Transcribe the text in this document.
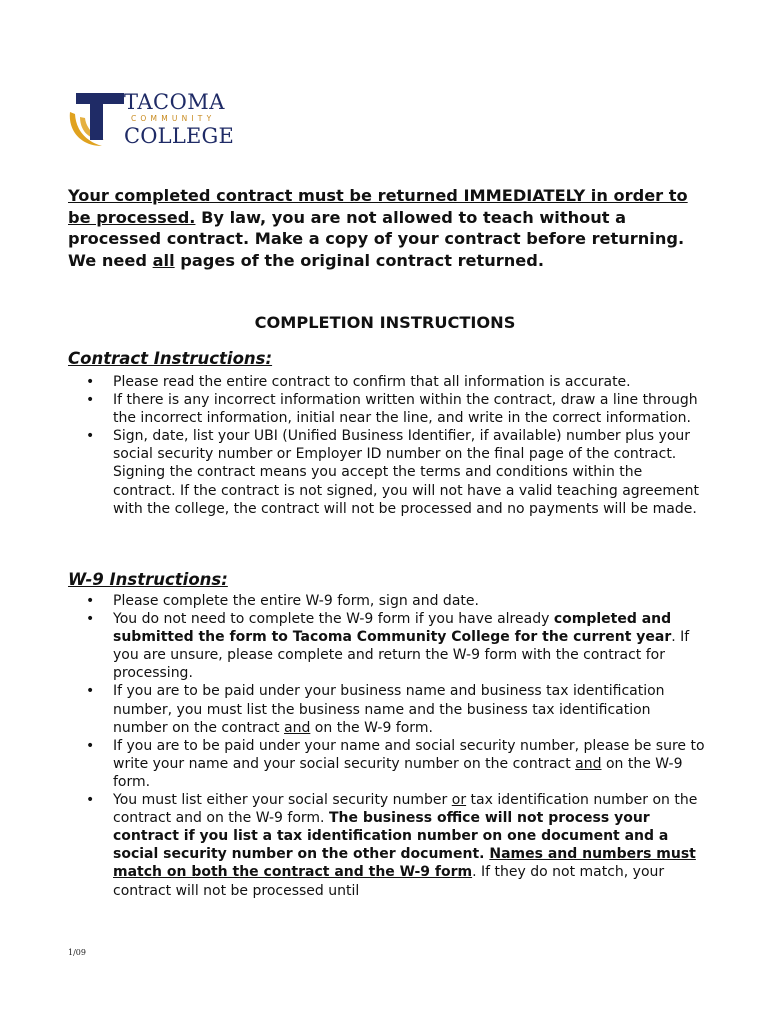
TACOMA
COMMUNITY
COLLEGE

Your completed contract must be returned IMMEDIATELY in order to be processed. By law, you are not allowed to teach without a processed contract. Make a copy of your contract before returning. We need all pages of the original contract returned.

COMPLETION INSTRUCTIONS
Contract Instructions:
• Please read the entire contract to confirm that all information is accurate.
• If there is any incorrect information written within the contract, draw a line through the incorrect information, initial near the line, and write in the correct information.
• Sign, date, list your UBI (Unified Business Identifier, if available) number plus your social security number or Employer ID number on the final page of the contract. Signing the contract means you accept the terms and conditions within the contract. If the contract is not signed, you will not have a valid teaching agreement with the college, the contract will not be processed and no payments will be made.
W-9 Instructions:
• Please complete the entire W-9 form, sign and date.
• You do not need to complete the W-9 form if you have already completed and submitted the form to Tacoma Community College for the current year. If you are unsure, please complete and return the W-9 form with the contract for processing.
• If you are to be paid under your business name and business tax identification number, you must list the business name and the business tax identification number on the contract and on the W-9 form.
• If you are to be paid under your name and social security number, please be sure to write your name and your social security number on the contract and on the W-9 form.
• You must list either your social security number or tax identification number on the contract and on the W-9 form. The business office will not process your contract if you list a tax identification number on one document and a social security number on the other document. Names and numbers must match on both the contract and the W-9 form. If they do not match, your contract will not be processed until
1/09
